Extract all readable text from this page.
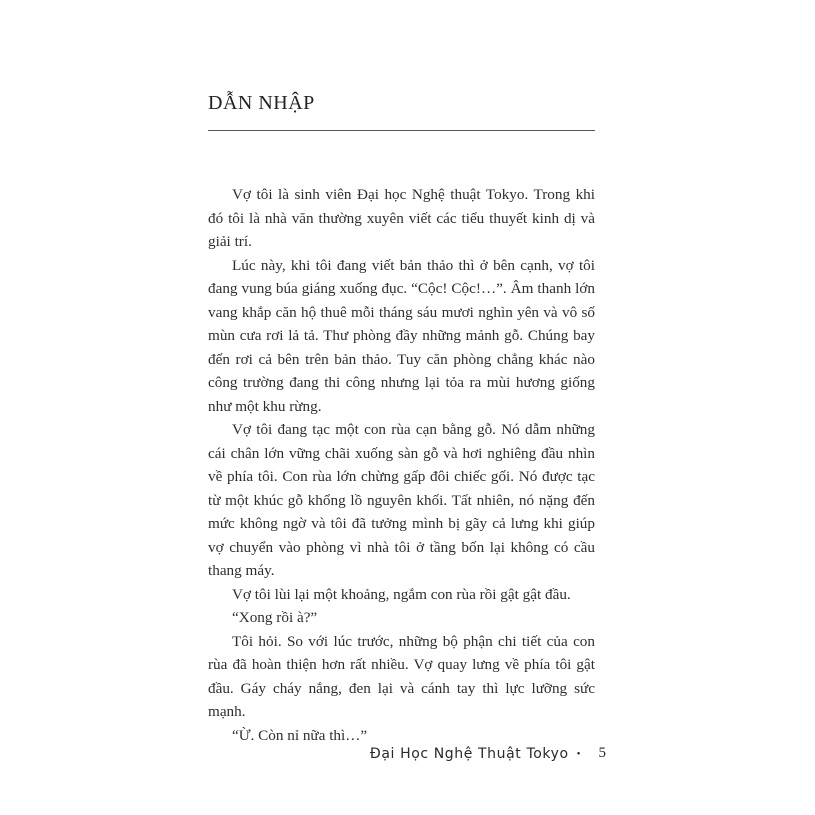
DẪN NHẬP

Vợ tôi là sinh viên Đại học Nghệ thuật Tokyo. Trong khi đó tôi là nhà văn thường xuyên viết các tiểu thuyết kinh dị và giải trí.

Lúc này, khi tôi đang viết bản thảo thì ở bên cạnh, vợ tôi đang vung búa giáng xuống đục. “Cộc! Cộc!…”. Âm thanh lớn vang khắp căn hộ thuê mỗi tháng sáu mươi nghìn yên và vô số mùn cưa rơi lả tả. Thư phòng đầy những mảnh gỗ. Chúng bay đến rơi cả bên trên bản thảo. Tuy căn phòng chẳng khác nào công trường đang thi công nhưng lại tỏa ra mùi hương giống như một khu rừng.

Vợ tôi đang tạc một con rùa cạn bằng gỗ. Nó dẫm những cái chân lớn vững chãi xuống sàn gỗ và hơi nghiêng đầu nhìn về phía tôi. Con rùa lớn chừng gấp đôi chiếc gối. Nó được tạc từ một khúc gỗ khổng lồ nguyên khối. Tất nhiên, nó nặng đến mức không ngờ và tôi đã tưởng mình bị gãy cả lưng khi giúp vợ chuyển vào phòng vì nhà tôi ở tầng bốn lại không có cầu thang máy.

Vợ tôi lùi lại một khoảng, ngắm con rùa rồi gật gật đầu.

“Xong rồi à?”

Tôi hỏi. So với lúc trước, những bộ phận chi tiết của con rùa đã hoàn thiện hơn rất nhiều. Vợ quay lưng về phía tôi gật đầu. Gáy cháy nắng, đen lại và cánh tay thì lực lưỡng sức mạnh.

“Ừ. Còn nỉ nữa thì…”

Đại Học Nghệ Thuật Tokyo • 5
